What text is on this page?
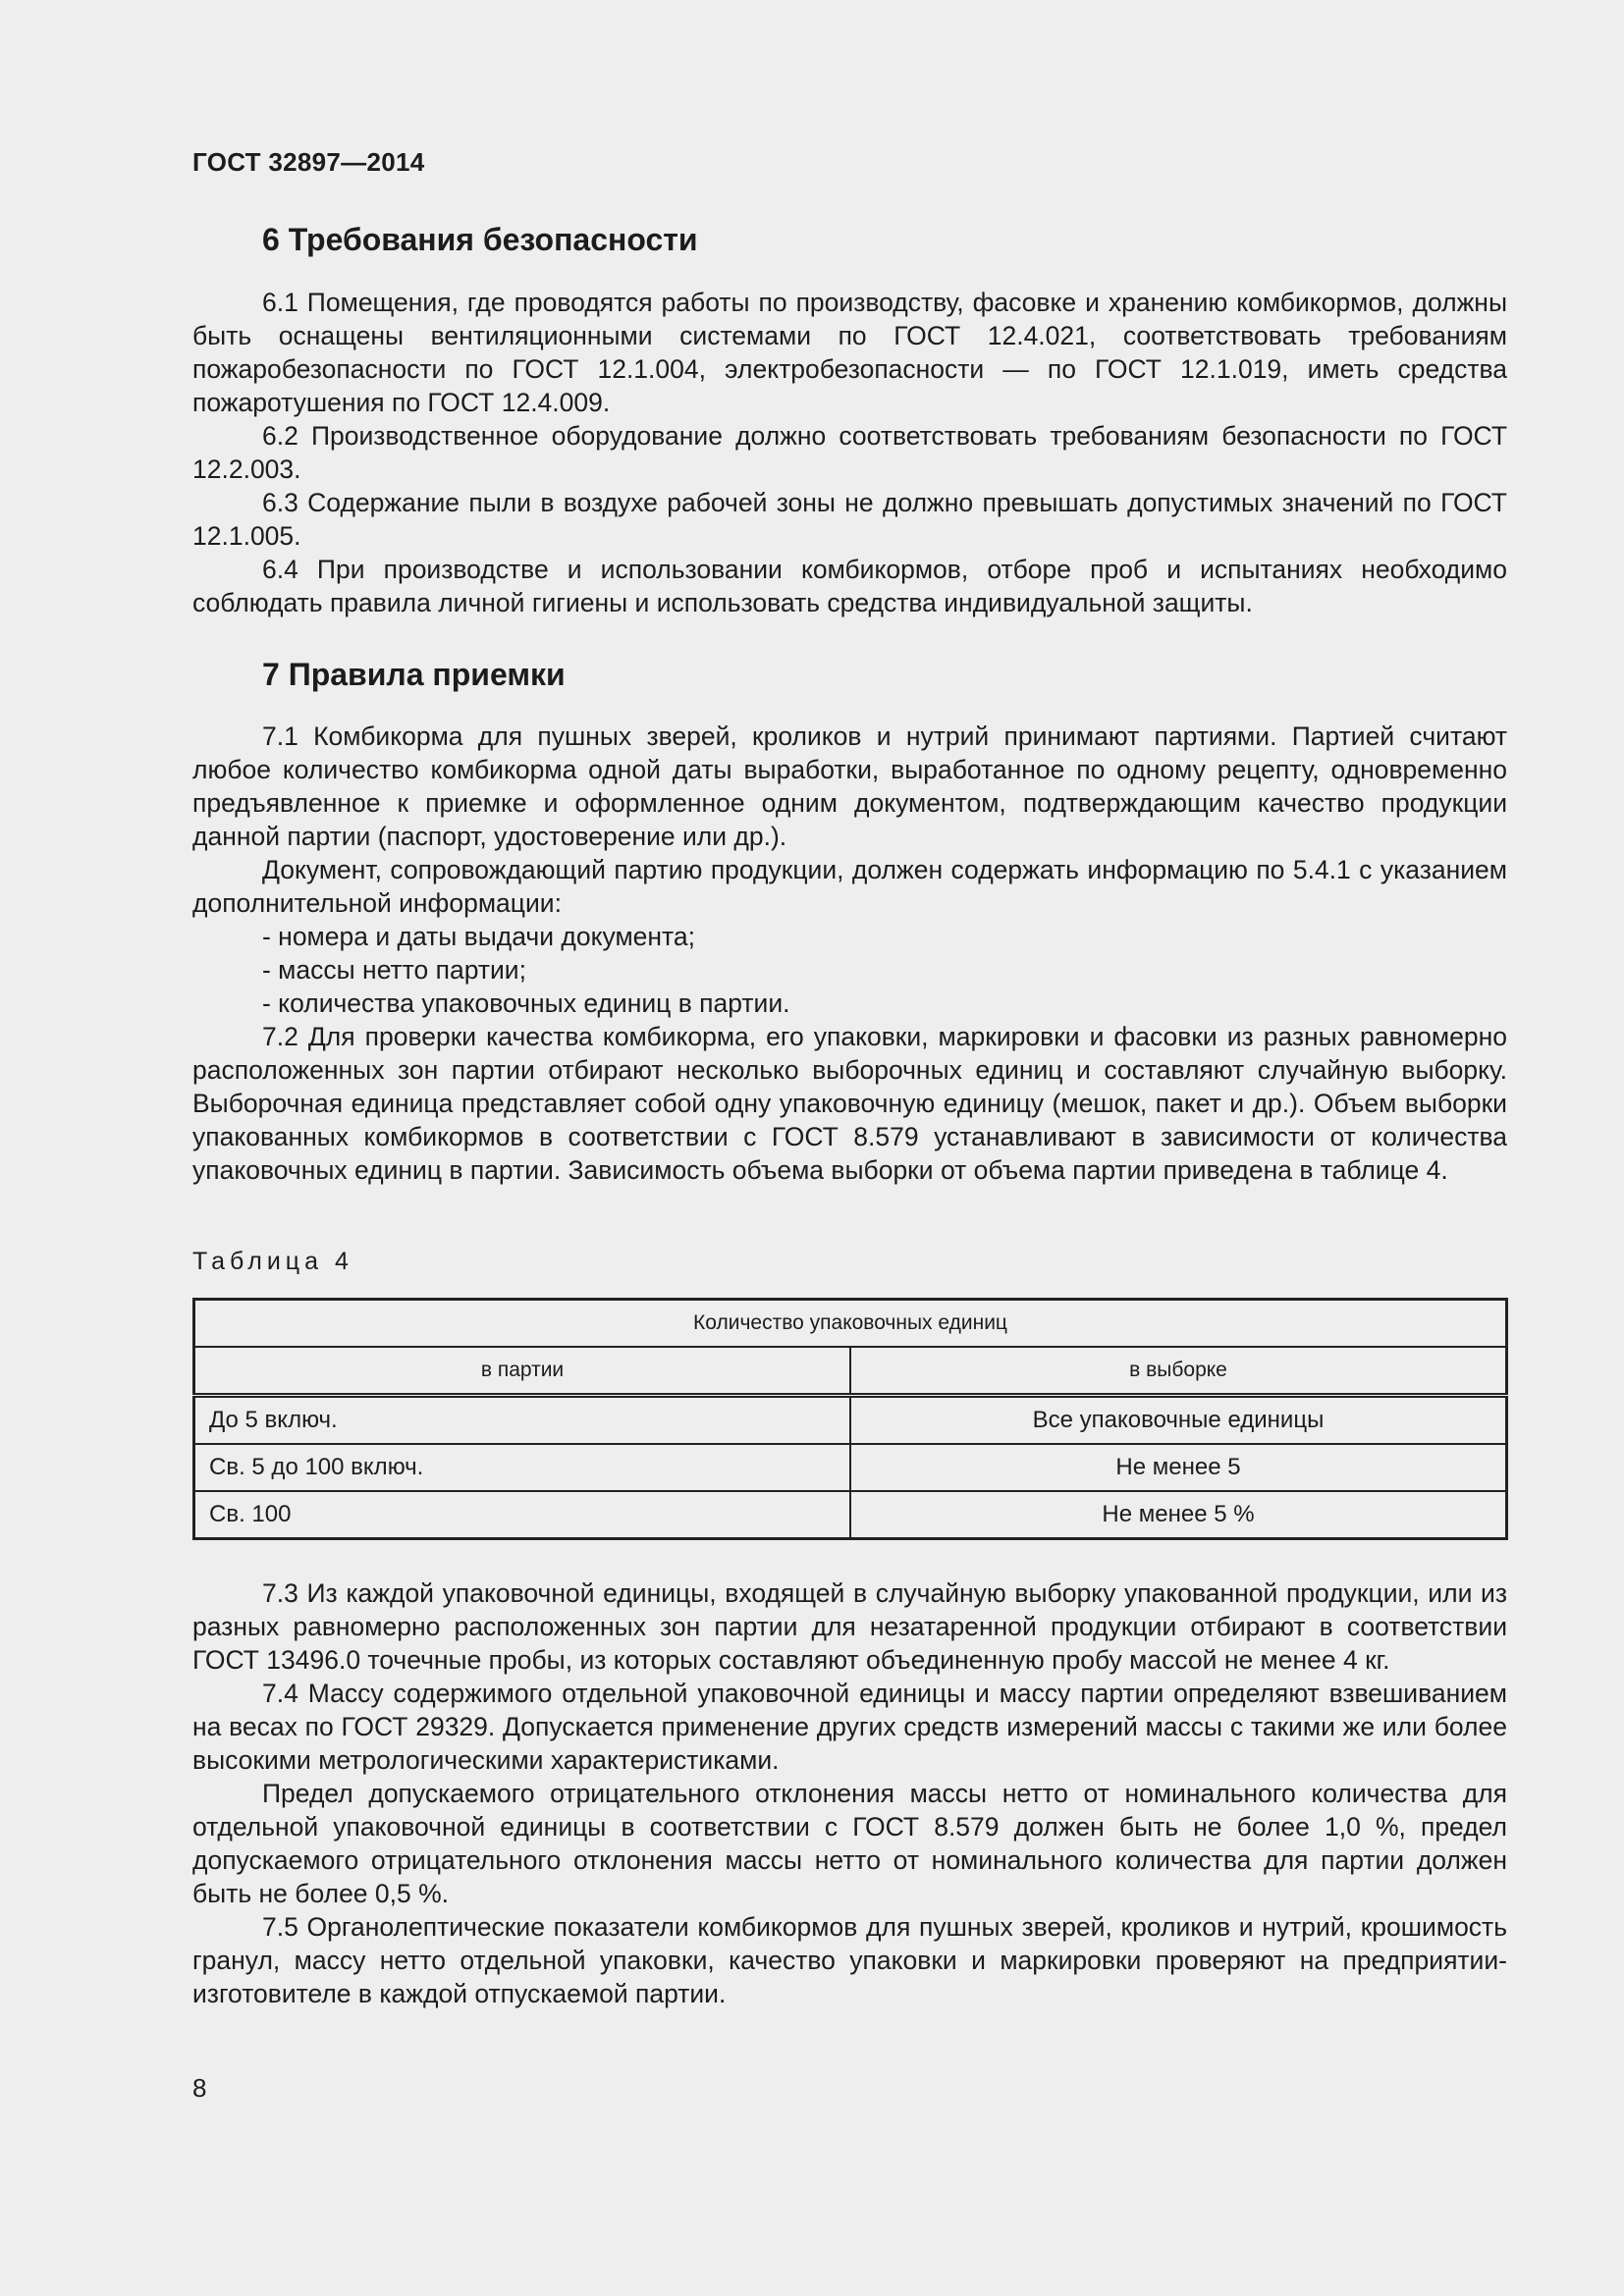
ГОСТ 32897—2014
6 Требования безопасности

6.1 Помещения, где проводятся работы по производству, фасовке и хранению комбикормов, должны быть оснащены вентиляционными системами по ГОСТ 12.4.021, соответствовать требованиям пожаробезопасности по ГОСТ 12.1.004, электробезопасности — по ГОСТ 12.1.019, иметь средства пожаротушения по ГОСТ 12.4.009.

6.2 Производственное оборудование должно соответствовать требованиям безопасности по ГОСТ 12.2.003.

6.3 Содержание пыли в воздухе рабочей зоны не должно превышать допустимых значений по ГОСТ 12.1.005.

6.4 При производстве и использовании комбикормов, отборе проб и испытаниях необходимо соблюдать правила личной гигиены и использовать средства индивидуальной защиты.

7 Правила приемки

7.1 Комбикорма для пушных зверей, кроликов и нутрий принимают партиями. Партией считают любое количество комбикорма одной даты выработки, выработанное по одному рецепту, одновременно предъявленное к приемке и оформленное одним документом, подтверждающим качество продукции данной партии (паспорт, удостоверение или др.).

Документ, сопровождающий партию продукции, должен содержать информацию по 5.4.1 с указанием дополнительной информации:

- номера и даты выдачи документа;

- массы нетто партии;

- количества упаковочных единиц в партии.

7.2 Для проверки качества комбикорма, его упаковки, маркировки и фасовки из разных равномерно расположенных зон партии отбирают несколько выборочных единиц и составляют случайную выборку. Выборочная единица представляет собой одну упаковочную единицу (мешок, пакет и др.). Объем выборки упакованных комбикормов в соответствии с ГОСТ 8.579 устанавливают в зависимости от количества упаковочных единиц в партии. Зависимость объема выборки от объема партии приведена в таблице 4.

Таблица 4
Количество упаковочных единиц	
в партии	в выборке
До 5 включ.	Все упаковочные единицы
Св. 5 до 100 включ.	Не менее 5
Св. 100	Не менее 5 %

7.3 Из каждой упаковочной единицы, входящей в случайную выборку упакованной продукции, или из разных равномерно расположенных зон партии для незатаренной продукции отбирают в соответствии ГОСТ 13496.0 точечные пробы, из которых составляют объединенную пробу массой не менее 4 кг.

7.4 Массу содержимого отдельной упаковочной единицы и массу партии определяют взвешиванием на весах по ГОСТ 29329. Допускается применение других средств измерений массы с такими же или более высокими метрологическими характеристиками.

Предел допускаемого отрицательного отклонения массы нетто от номинального количества для отдельной упаковочной единицы в соответствии с ГОСТ 8.579 должен быть не более 1,0 %, предел допускаемого отрицательного отклонения массы нетто от номинального количества для партии должен быть не более 0,5 %.

7.5 Органолептические показатели комбикормов для пушных зверей, кроликов и нутрий, крошимость гранул, массу нетто отдельной упаковки, качество упаковки и маркировки проверяют на предприятии-изготовителе в каждой отпускаемой партии.

8
